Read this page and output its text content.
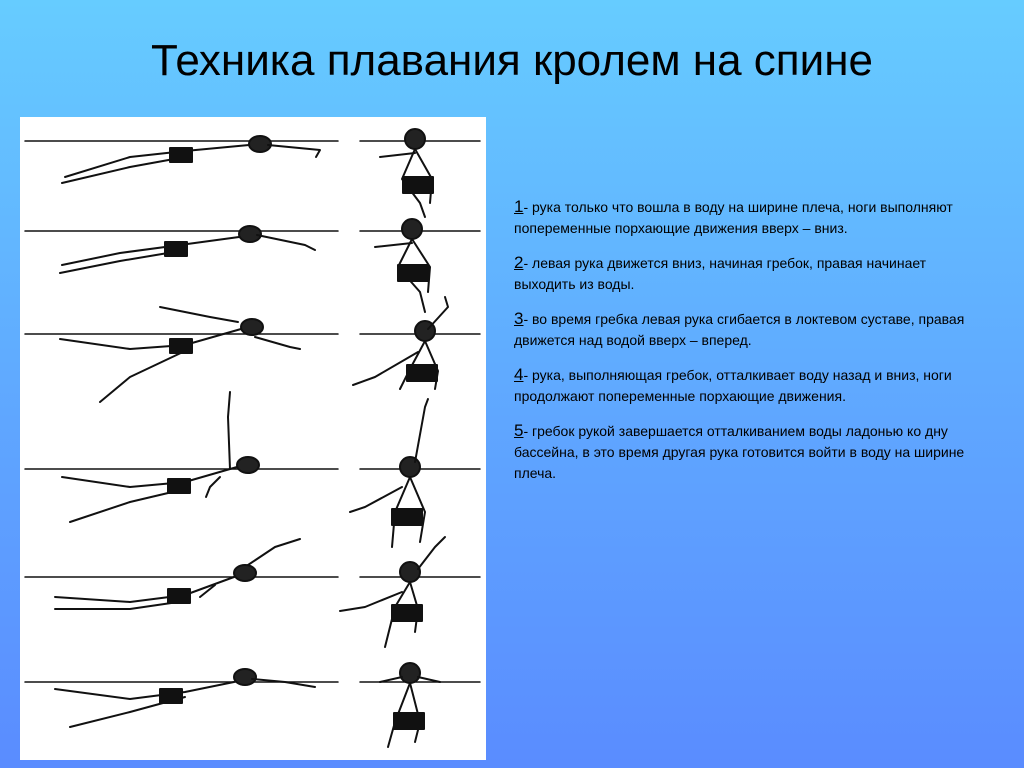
Техника плавания кролем на спине

1- рука только что вошла в воду на ширине плеча, ноги выполняют попеременные порхающие движения вверх – вниз.

2- левая рука движется вниз, начиная гребок, правая начинает выходить из воды.

3- во время гребка левая рука сгибается в локтевом суставе, правая движется над водой вверх – вперед.

4- рука, выполняющая гребок, отталкивает воду назад и вниз, ноги продолжают попеременные порхающие движения.

5- гребок рукой завершается отталкиванием воды ладонью ко дну бассейна, в это время другая рука готовится войти в воду на ширине плеча.
